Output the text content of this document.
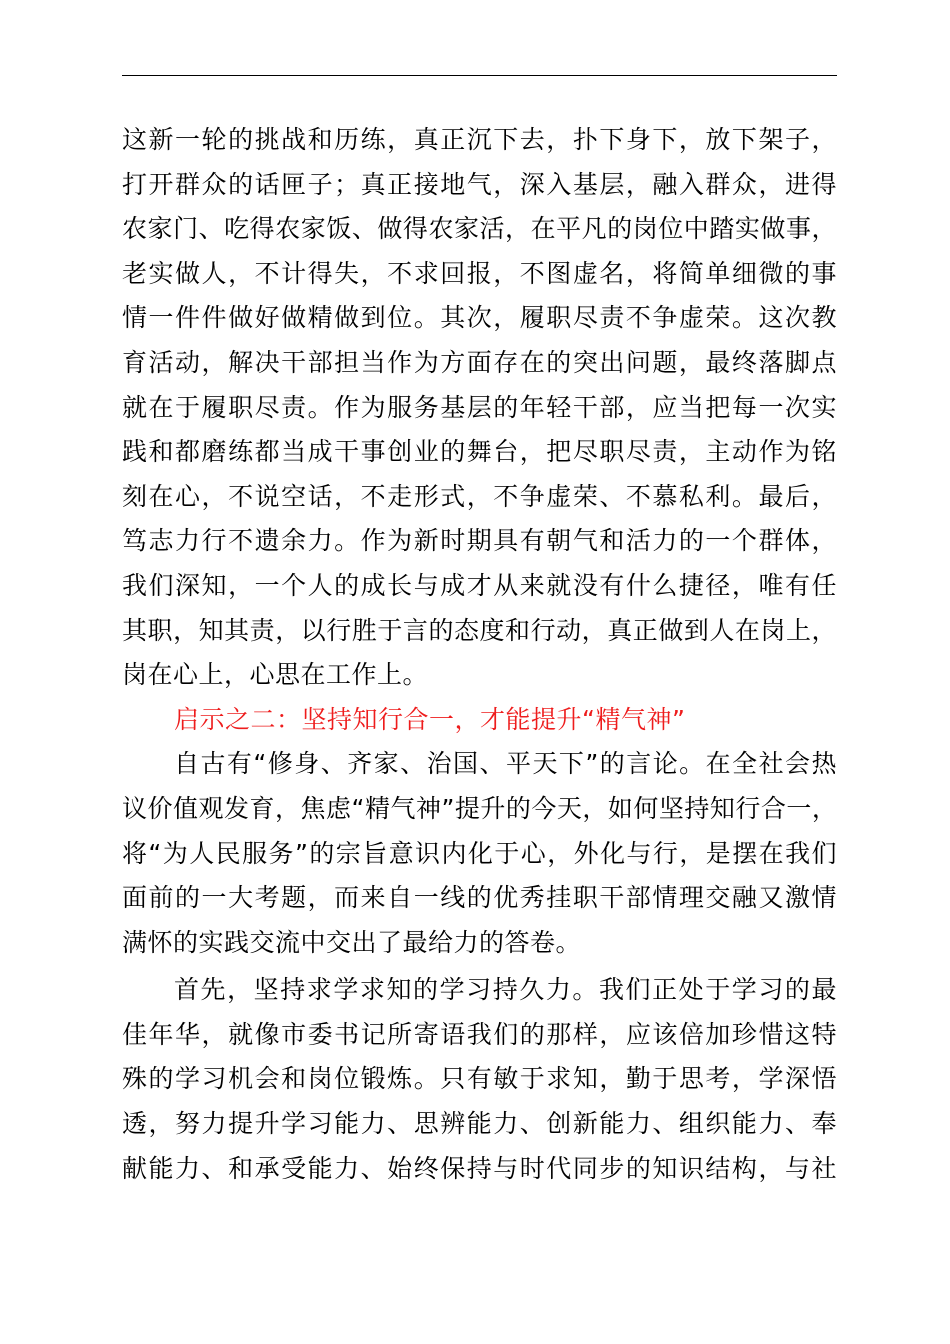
这新一轮的挑战和历练，真正沉下去，扑下身下，放下架子，
打开群众的话匣子；真正接地气，深入基层，融入群众，进得
农家门、吃得农家饭、做得农家活，在平凡的岗位中踏实做事，
老实做人，不计得失，不求回报，不图虚名，将简单细微的事
情一件件做好做精做到位。其次，履职尽责不争虚荣。这次教
育活动，解决干部担当作为方面存在的突出问题，最终落脚点
就在于履职尽责。作为服务基层的年轻干部，应当把每一次实
践和都磨练都当成干事创业的舞台，把尽职尽责，主动作为铭
刻在心，不说空话，不走形式，不争虚荣、不慕私利。最后，
笃志力行不遗余力。作为新时期具有朝气和活力的一个群体，
我们深知，一个人的成长与成才从来就没有什么捷径，唯有任
其职，知其责，以行胜于言的态度和行动，真正做到人在岗上，
岗在心上，心思在工作上。
启示之二：坚持知行合一，才能提升“精气神”
自古有“修身、齐家、治国、平天下”的言论。在全社会热
议价值观发育，焦虑“精气神”提升的今天，如何坚持知行合一，
将“为人民服务”的宗旨意识内化于心，外化与行，是摆在我们
面前的一大考题，而来自一线的优秀挂职干部情理交融又激情
满怀的实践交流中交出了最给力的答卷。
首先，坚持求学求知的学习持久力。我们正处于学习的最
佳年华，就像市委书记所寄语我们的那样，应该倍加珍惜这特
殊的学习机会和岗位锻炼。只有敏于求知，勤于思考，学深悟
透，努力提升学习能力、思辨能力、创新能力、组织能力、奉
献能力、和承受能力、始终保持与时代同步的知识结构，与社
